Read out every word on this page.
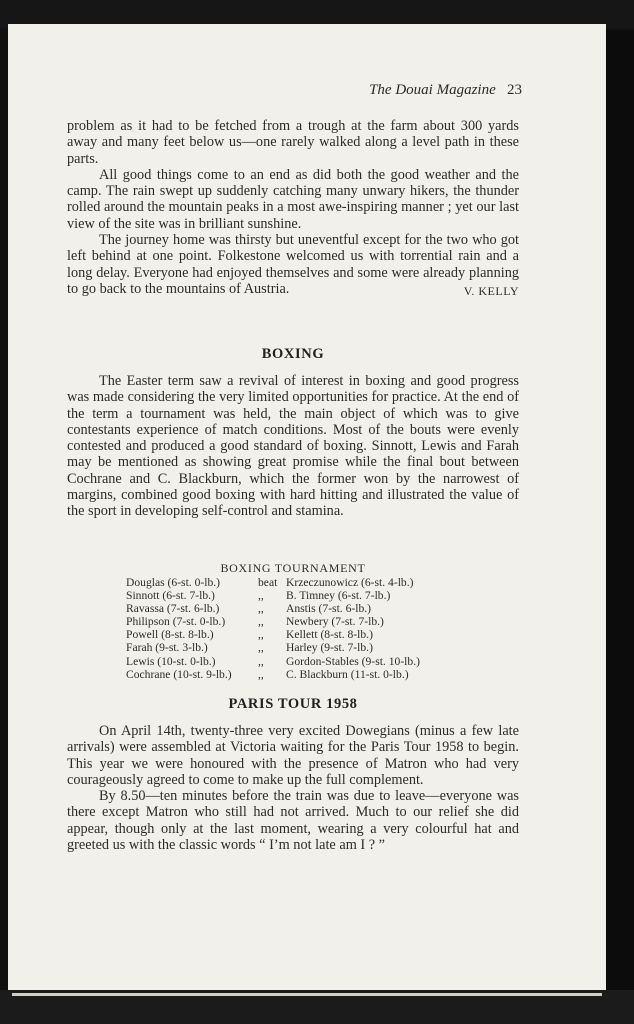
The Douai Magazine 23

problem as it had to be fetched from a trough at the farm about 300 yards away and many feet below us—one rarely walked along a level path in these parts.

All good things come to an end as did both the good weather and the camp. The rain swept up suddenly catching many unwary hikers, the thunder rolled around the mountain peaks in a most awe-inspiring manner ; yet our last view of the site was in brilliant sunshine.

The journey home was thirsty but uneventful except for the two who got left behind at one point. Folkestone welcomed us with torrential rain and a long delay. Everyone had enjoyed themselves and some were already planning to go back to the mountains of Austria.	V. KELLY

BOXING

The Easter term saw a revival of interest in boxing and good progress was made considering the very limited opportunities for practice. At the end of the term a tournament was held, the main object of which was to give contestants experience of match conditions. Most of the bouts were evenly contested and produced a good standard of boxing. Sinnott, Lewis and Farah may be mentioned as showing great promise while the final bout between Cochrane and C. Blackburn, which the former won by the narrowest of margins, combined good boxing with hard hitting and illustrated the value of the sport in developing self-control and stamina.

BOXING TOURNAMENT
Douglas (6-st. 0-lb.)	beat Krzeczunowicz (6-st. 4-lb.)
Sinnott (6-st. 7-lb.)	,, B. Timney (6-st. 7-lb.)
Ravassa (7-st. 6-lb.)	,, Anstis (7-st. 6-lb.)
Philipson (7-st. 0-lb.)	,, Newbery (7-st. 7-lb.)
Powell (8-st. 8-lb.)	,, Kellett (8-st. 8-lb.)
Farah (9-st. 3-lb.)	,, Harley (9-st. 7-lb.)
Lewis (10-st. 0-lb.)	,, Gordon-Stables (9-st. 10-lb.)
Cochrane (10-st. 9-lb.) ,, C. Blackburn (11-st. 0-lb.)
PARIS TOUR 1958

On April 14th, twenty-three very excited Dowegians (minus a few late arrivals) were assembled at Victoria waiting for the Paris Tour 1958 to begin. This year we were honoured with the presence of Matron who had very courageously agreed to come to make up the full complement.

By 8.50—ten minutes before the train was due to leave—everyone was there except Matron who still had not arrived. Much to our relief she did appear, though only at the last moment, wearing a very colourful hat and greeted us with the classic words “ I’m not late am I ? ”
